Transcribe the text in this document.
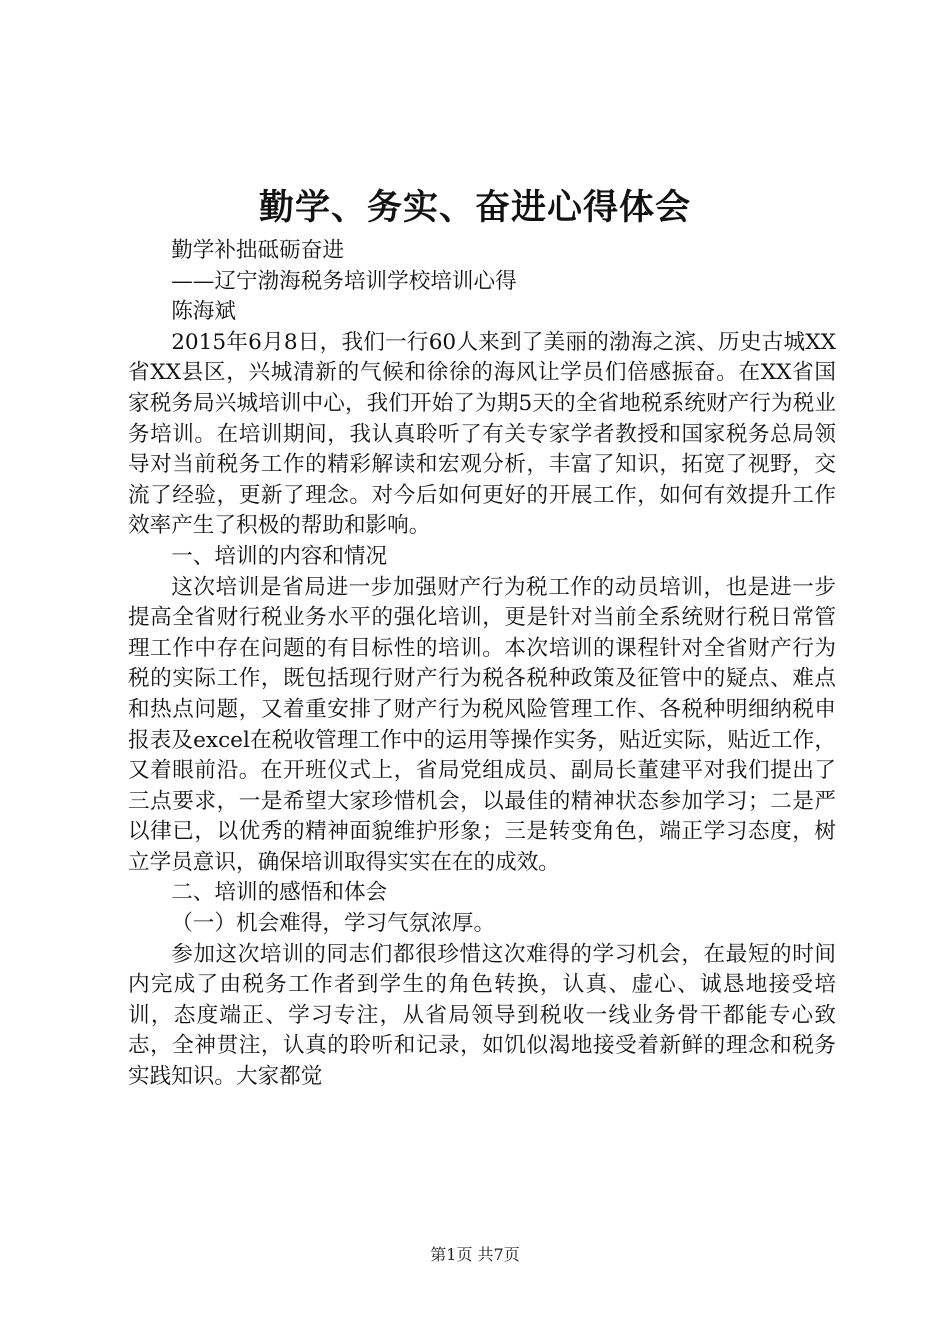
勤学、务实、奋进心得体会

勤学补拙砥砺奋进

——辽宁渤海税务培训学校培训心得

陈海斌

2015年6月8日，我们一行60人来到了美丽的渤海之滨、历史古城XX省XX县区，兴城清新的气候和徐徐的海风让学员们倍感振奋。在XX省国家税务局兴城培训中心，我们开始了为期5天的全省地税系统财产行为税业务培训。在培训期间，我认真聆听了有关专家学者教授和国家税务总局领导对当前税务工作的精彩解读和宏观分析，丰富了知识，拓宽了视野，交流了经验，更新了理念。对今后如何更好的开展工作，如何有效提升工作效率产生了积极的帮助和影响。

一、培训的内容和情况

这次培训是省局进一步加强财产行为税工作的动员培训，也是进一步提高全省财行税业务水平的强化培训，更是针对当前全系统财行税日常管理工作中存在问题的有目标性的培训。本次培训的课程针对全省财产行为税的实际工作，既包括现行财产行为税各税种政策及征管中的疑点、难点和热点问题，又着重安排了财产行为税风险管理工作、各税种明细纳税申报表及excel在税收管理工作中的运用等操作实务，贴近实际，贴近工作，又着眼前沿。在开班仪式上，省局党组成员、副局长董建平对我们提出了三点要求，一是希望大家珍惜机会，以最佳的精神状态参加学习；二是严以律已，以优秀的精神面貌维护形象；三是转变角色，端正学习态度，树立学员意识，确保培训取得实实在在的成效。

二、培训的感悟和体会

（一）机会难得，学习气氛浓厚。

参加这次培训的同志们都很珍惜这次难得的学习机会，在最短的时间内完成了由税务工作者到学生的角色转换，认真、虚心、诚恳地接受培训，态度端正、学习专注，从省局领导到税收一线业务骨干都能专心致志，全神贯注，认真的聆听和记录，如饥似渴地接受着新鲜的理念和税务实践知识。大家都觉

第1页 共7页
